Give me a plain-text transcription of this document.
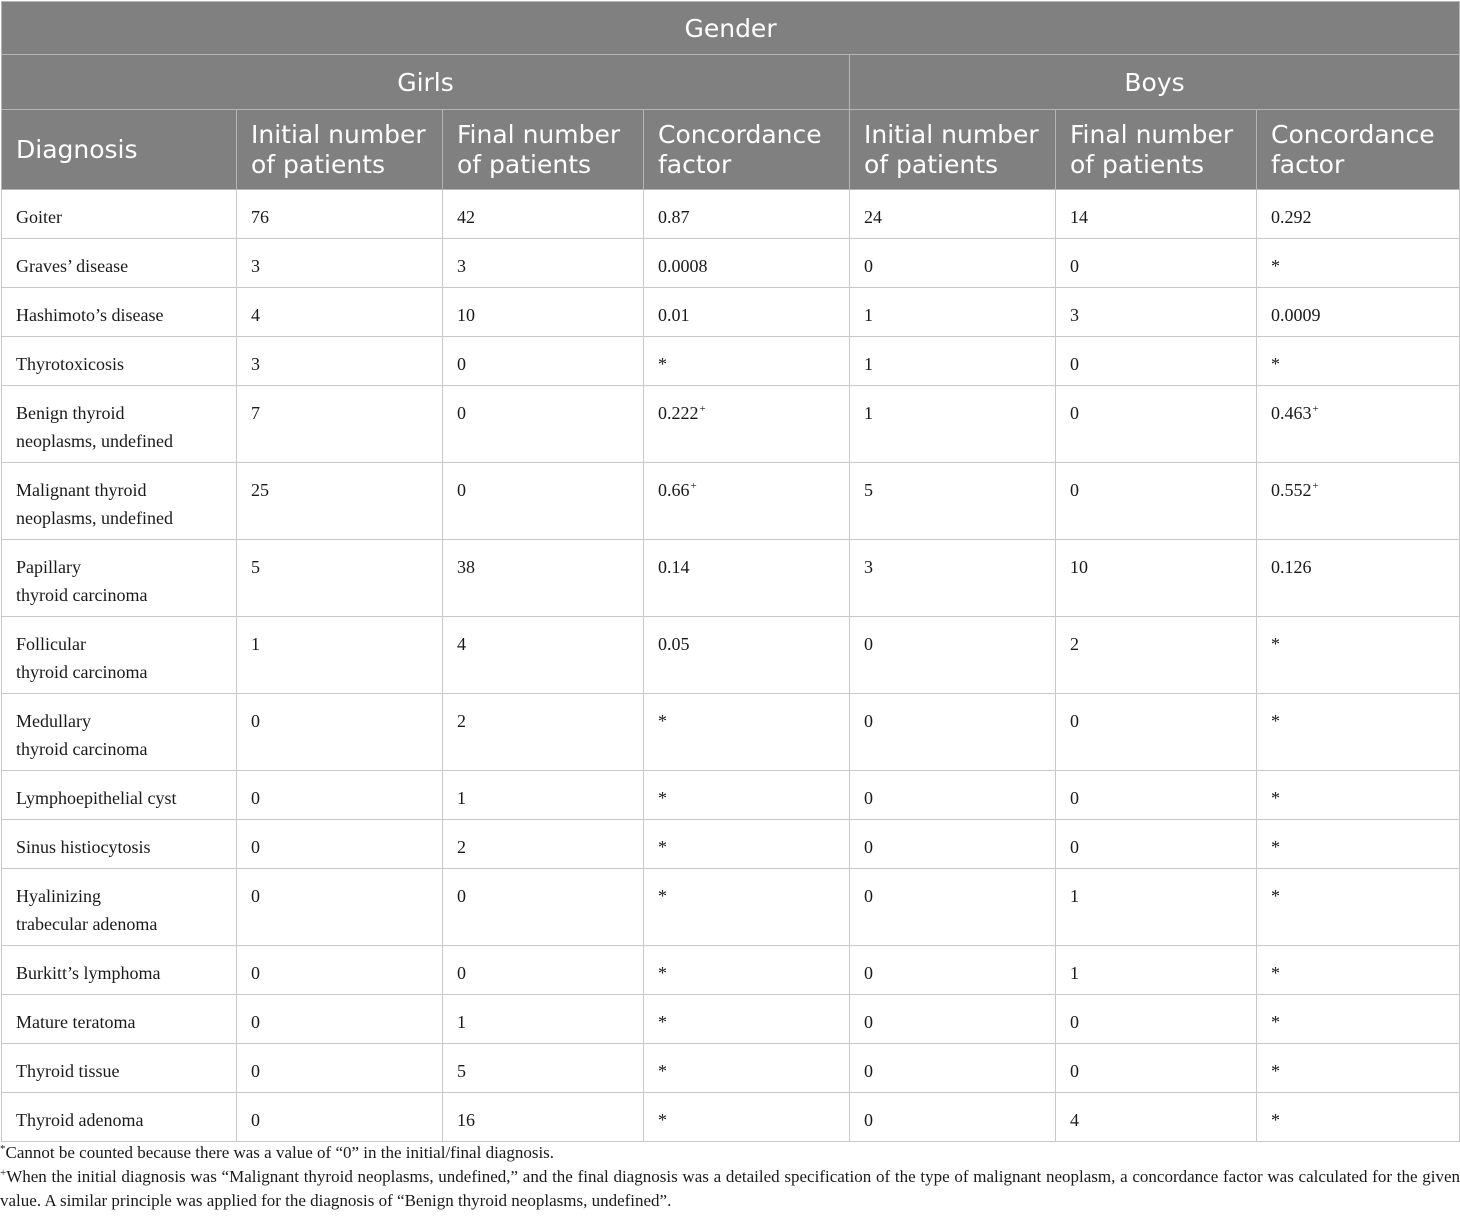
Gender						
Girls				Boys		
Diagnosis	Initial number of patients	Final number of patients	Concordance factor	Initial number of patients	Final number of patients	Concordance factor
Goiter	76	42	0.87	24	14	0.292
Graves’ disease	3	3	0.0008	0	0	*
Hashimoto’s disease	4	10	0.01	1	3	0.0009
Thyrotoxicosis	3	0	*	1	0	*
Benign thyroid
neoplasms, undefined	7	0	0.222+	1	0	0.463+
Malignant thyroid
neoplasms, undefined	25	0	0.66+	5	0	0.552+
Papillary
thyroid carcinoma	5	38	0.14	3	10	0.126
Follicular
thyroid carcinoma	1	4	0.05	0	2	*
Medullary
thyroid carcinoma	0	2	*	0	0	*
Lymphoepithelial cyst	0	1	*	0	0	*
Sinus histiocytosis	0	2	*	0	0	*
Hyalinizing
trabecular adenoma	0	0	*	0	1	*
Burkitt’s lymphoma	0	0	*	0	1	*
Mature teratoma	0	1	*	0	0	*
Thyroid tissue	0	5	*	0	0	*
Thyroid adenoma	0	16	*	0	4	*

*Cannot be counted because there was a value of “0” in the initial/final diagnosis.

+When the initial diagnosis was “Malignant thyroid neoplasms, undefined,” and the final diagnosis was a detailed specification of the type of malignant neoplasm, a concordance factor was calculated for the given value. A similar principle was applied for the diagnosis of “Benign thyroid neoplasms, undefined”.
